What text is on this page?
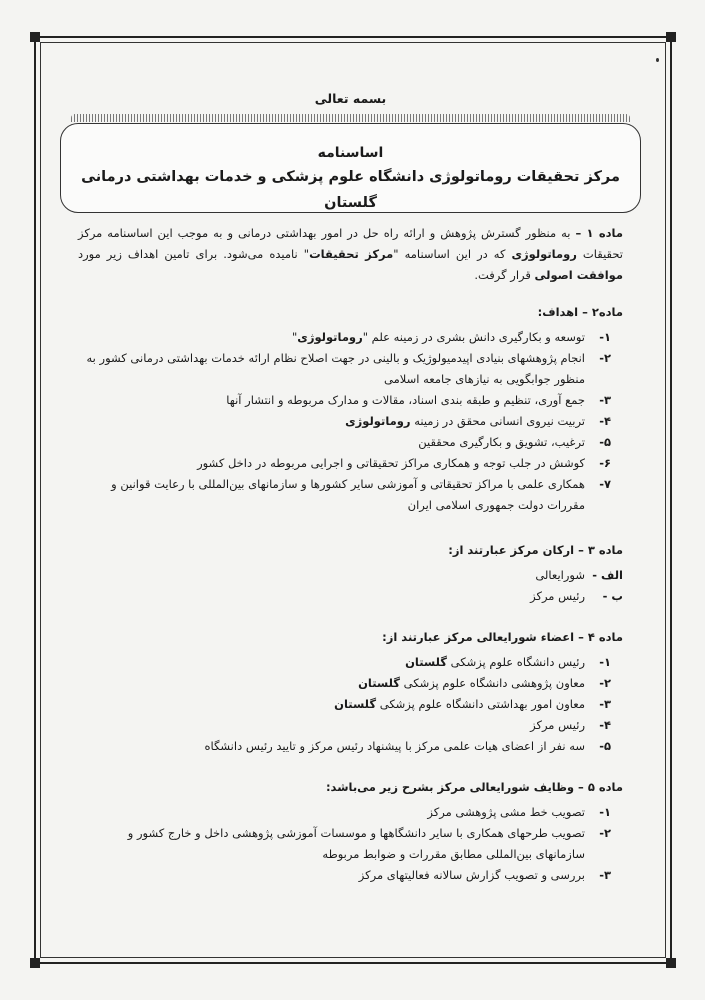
بسمه تعالی
اساسنامه
مرکز تحقیقات روماتولوژی دانشگاه علوم پزشکی و خدمات بهداشتی درمانی گلستان

ماده ۱ – به منظور گسترش پژوهش و ارائه راه حل در امور بهداشتی درمانی و به موجب این اساسنامه مرکز تحقیقات روماتولوژی که در این اساسنامه "مرکز تحقیقات" نامیده می‌شود. برای تامین اهداف زیر مورد موافقت اصولی قرار گرفت.

ماده۲ – اهداف:
۱-
توسعه و بکارگیری دانش بشری در زمینه علم "روماتولوژی"
۲-
انجام پژوهشهای بنیادی اپیدمیولوژیک و بالینی در جهت اصلاح نظام ارائه خدمات بهداشتی درمانی کشور به منظور جوابگویی به نیازهای جامعه اسلامی
۳-
جمع آوری، تنظیم و طبقه بندی اسناد، مقالات و مدارک مربوطه و انتشار آنها
۴-
تربیت نیروی انسانی محقق در زمینه روماتولوژی
۵-
ترغیب، تشویق و بکارگیری محققین
۶-
کوشش در جلب توجه و همکاری مراکز تحقیقاتی و اجرایی مربوطه در داخل کشور
۷-
همکاری علمی با مراکز تحقیقاتی و آموزشی سایر کشورها و سازمانهای بین‌المللی با رعایت قوانین و مقررات دولت جمهوری اسلامی ایران
ماده ۳ – ارکان مرکز عبارتند از:
الف -
شورایعالی
ب -
رئیس مرکز
ماده ۴ – اعضاء شورایعالی مرکز عبارتند از:
۱-
رئیس دانشگاه علوم پزشکی گلستان
۲-
معاون پژوهشی دانشگاه علوم پزشکی گلستان
۳-
معاون امور بهداشتی دانشگاه علوم پزشکی گلستان
۴-
رئیس مرکز
۵-
سه نفر از اعضای هیات علمی مرکز با پیشنهاد رئیس مرکز و تایید رئیس دانشگاه
ماده ۵ – وظایف شورایعالی مرکز بشرح زیر می‌باشد:
۱-
تصویب خط مشی پژوهشی مرکز
۲-
تصویب طرحهای همکاری با سایر دانشگاهها و موسسات آموزشی پژوهشی داخل و خارج کشور و سازمانهای بین‌المللی مطابق مقررات و ضوابط مربوطه
۳-
بررسی و تصویب گزارش سالانه فعالیتهای مرکز
